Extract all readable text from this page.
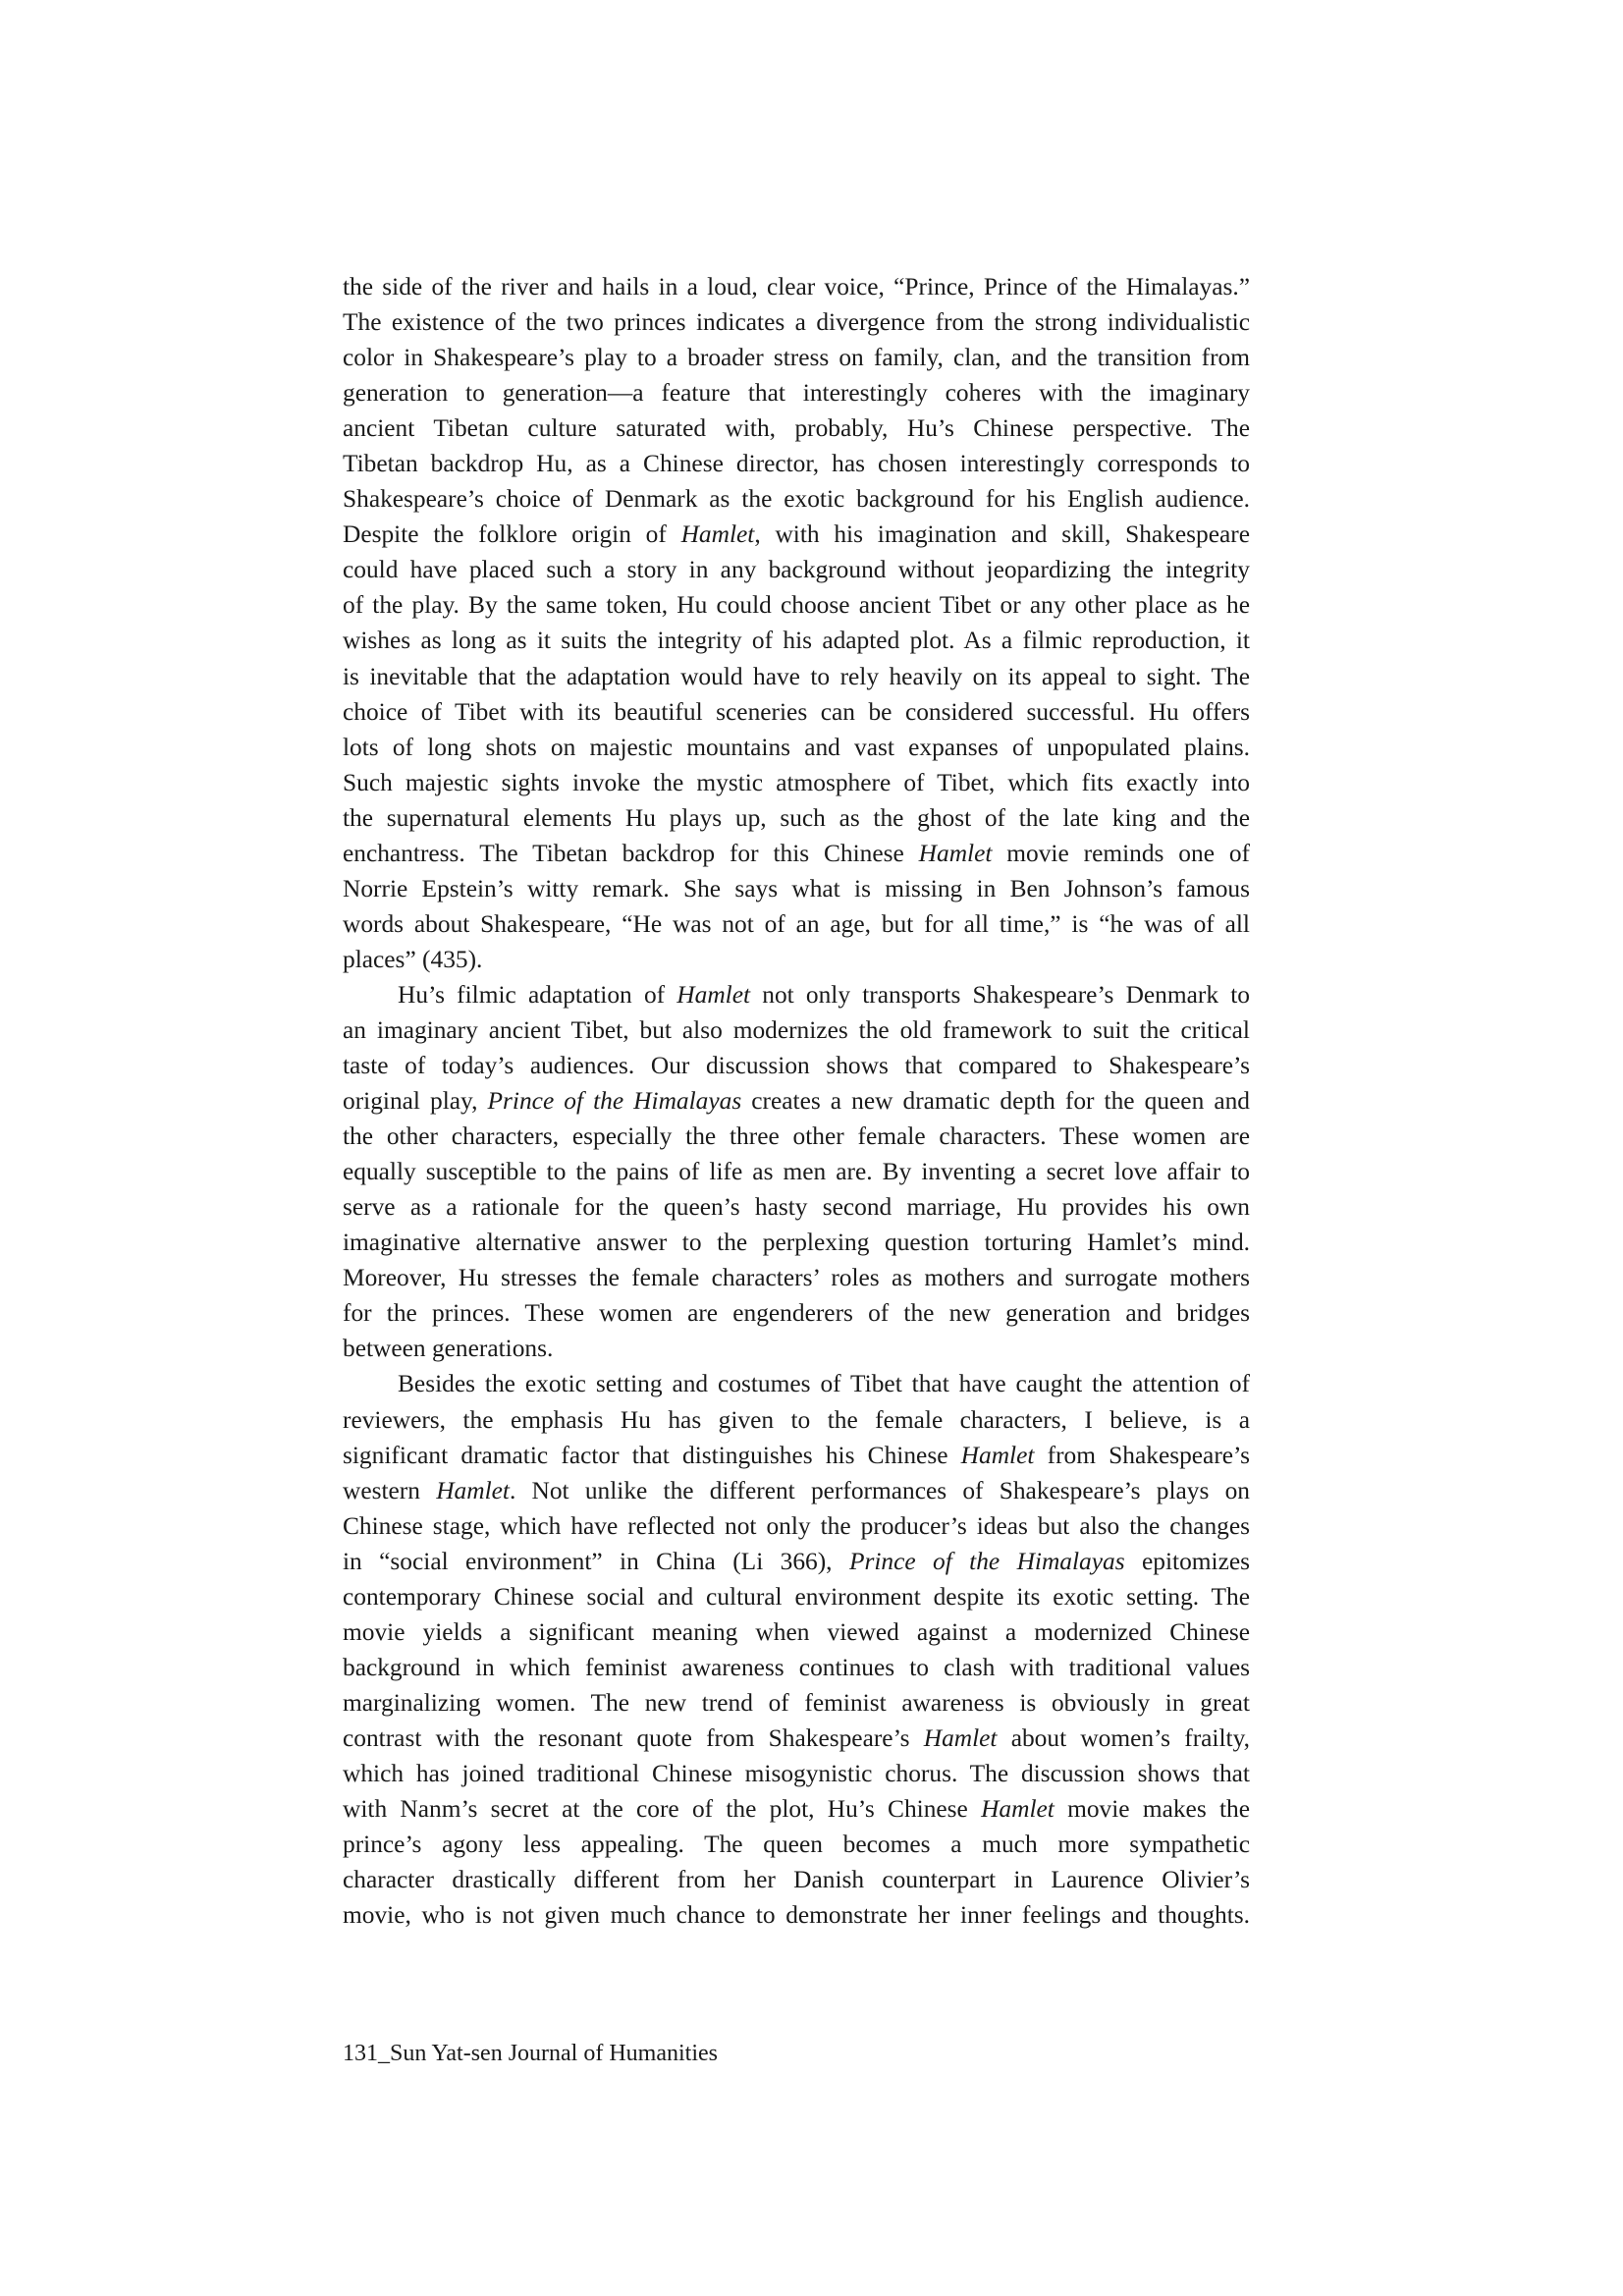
the side of the river and hails in a loud, clear voice, “Prince, Prince of the Himalayas.”
The existence of the two princes indicates a divergence from the strong individualistic
color in Shakespeare’s play to a broader stress on family, clan, and the transition from
generation to generation—a feature that interestingly coheres with the imaginary
ancient Tibetan culture saturated with, probably, Hu’s Chinese perspective. The
Tibetan backdrop Hu, as a Chinese director, has chosen interestingly corresponds to
Shakespeare’s choice of Denmark as the exotic background for his English audience.
Despite the folklore origin of Hamlet, with his imagination and skill, Shakespeare
could have placed such a story in any background without jeopardizing the integrity
of the play. By the same token, Hu could choose ancient Tibet or any other place as he
wishes as long as it suits the integrity of his adapted plot. As a filmic reproduction, it
is inevitable that the adaptation would have to rely heavily on its appeal to sight. The
choice of Tibet with its beautiful sceneries can be considered successful. Hu offers
lots of long shots on majestic mountains and vast expanses of unpopulated plains.
Such majestic sights invoke the mystic atmosphere of Tibet, which fits exactly into
the supernatural elements Hu plays up, such as the ghost of the late king and the
enchantress. The Tibetan backdrop for this Chinese Hamlet movie reminds one of
Norrie Epstein’s witty remark. She says what is missing in Ben Johnson’s famous
words about Shakespeare, “He was not of an age, but for all time,” is “he was of all
places” (435).
Hu’s filmic adaptation of Hamlet not only transports Shakespeare’s Denmark to
an imaginary ancient Tibet, but also modernizes the old framework to suit the critical
taste of today’s audiences. Our discussion shows that compared to Shakespeare’s
original play, Prince of the Himalayas creates a new dramatic depth for the queen and
the other characters, especially the three other female characters. These women are
equally susceptible to the pains of life as men are. By inventing a secret love affair to
serve as a rationale for the queen’s hasty second marriage, Hu provides his own
imaginative alternative answer to the perplexing question torturing Hamlet’s mind.
Moreover, Hu stresses the female characters’ roles as mothers and surrogate mothers
for the princes. These women are engenderers of the new generation and bridges
between generations.
Besides the exotic setting and costumes of Tibet that have caught the attention of
reviewers, the emphasis Hu has given to the female characters, I believe, is a
significant dramatic factor that distinguishes his Chinese Hamlet from Shakespeare’s
western Hamlet. Not unlike the different performances of Shakespeare’s plays on
Chinese stage, which have reflected not only the producer’s ideas but also the changes
in “social environment” in China (Li 366), Prince of the Himalayas epitomizes
contemporary Chinese social and cultural environment despite its exotic setting. The
movie yields a significant meaning when viewed against a modernized Chinese
background in which feminist awareness continues to clash with traditional values
marginalizing women. The new trend of feminist awareness is obviously in great
contrast with the resonant quote from Shakespeare’s Hamlet about women’s frailty,
which has joined traditional Chinese misogynistic chorus. The discussion shows that
with Nanm’s secret at the core of the plot, Hu’s Chinese Hamlet movie makes the
prince’s agony less appealing. The queen becomes a much more sympathetic
character drastically different from her Danish counterpart in Laurence Olivier’s
movie, who is not given much chance to demonstrate her inner feelings and thoughts.
131_Sun Yat-sen Journal of Humanities
